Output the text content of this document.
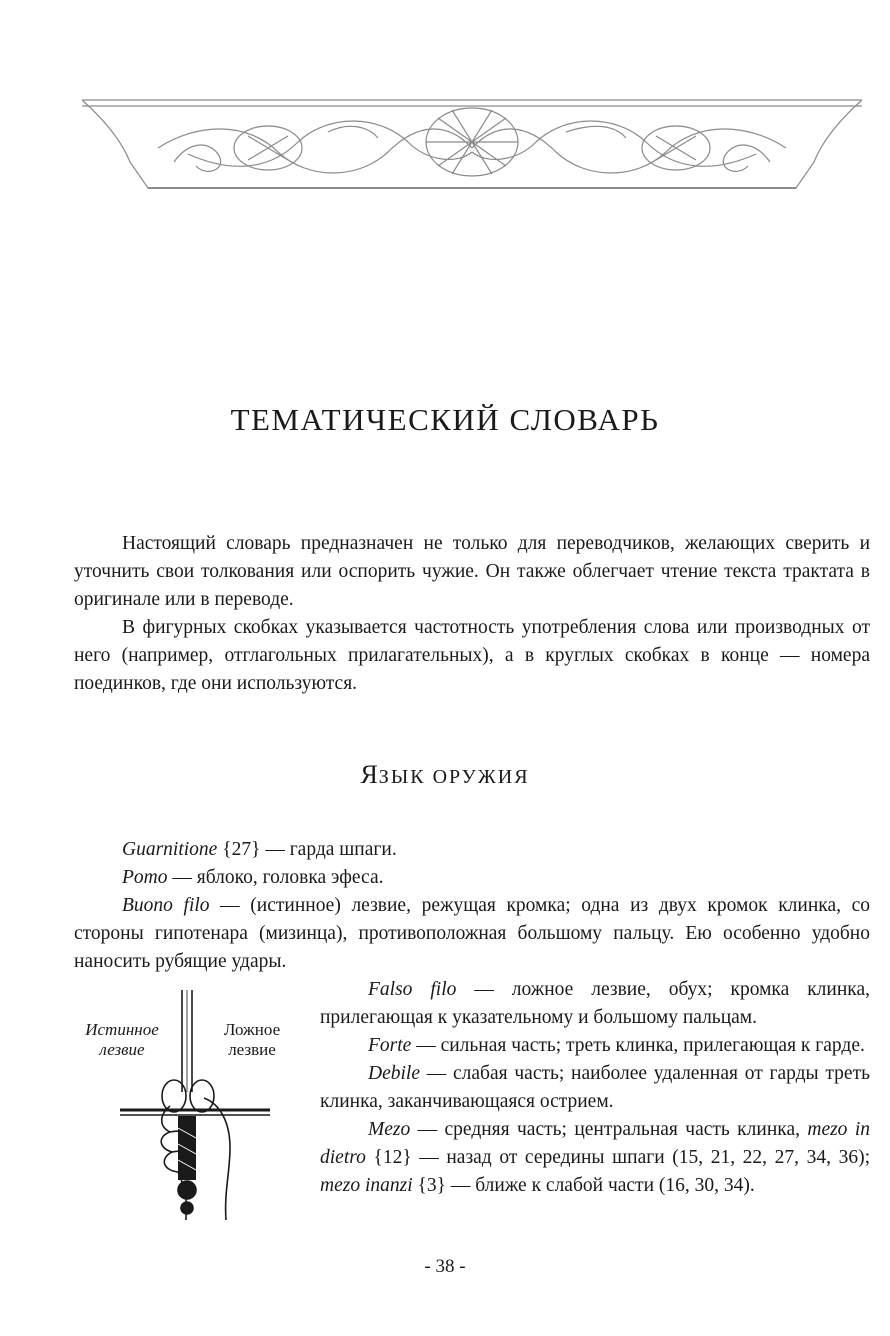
ТЕМАТИЧЕСКИЙ СЛОВАРЬ

Настоящий словарь предназначен не только для переводчиков, желающих сверить и уточнить свои толкования или оспорить чужие. Он также облегчает чтение текста трактата в оригинале или в переводе.

В фигурных скобках указывается частотность употребления слова или производных от него (например, отглагольных прилагательных), а в круглых скобках в конце — номера поединков, где они используются.

ЯЗЫК ОРУЖИЯ

Guarnitione {27} — гарда шпаги.

Pomo — яблоко, головка эфеса.

Buono filo — (истинное) лезвие, режущая кромка; одна из двух кромок клинка, со стороны гипотенара (мизинца), противоположная большому пальцу. Ею особенно удобно наносить рубящие удары.

Falso filo — ложное лезвие, обух; кромка клинка, прилегающая к указательному и большому пальцам.

Forte — сильная часть; треть клинка, прилегающая к гарде.

Debile — слабая часть; наиболее удаленная от гарды треть клинка, заканчивающаяся острием.

Mezo — средняя часть; центральная часть клинка, mezo in dietro {12} — назад от середины шпаги (15, 21, 22, 27, 34, 36); mezo inanzi {3} — ближе к слабой части (16, 30, 34).

Истинное лезвие
Ложное лезвие
- 38 -
